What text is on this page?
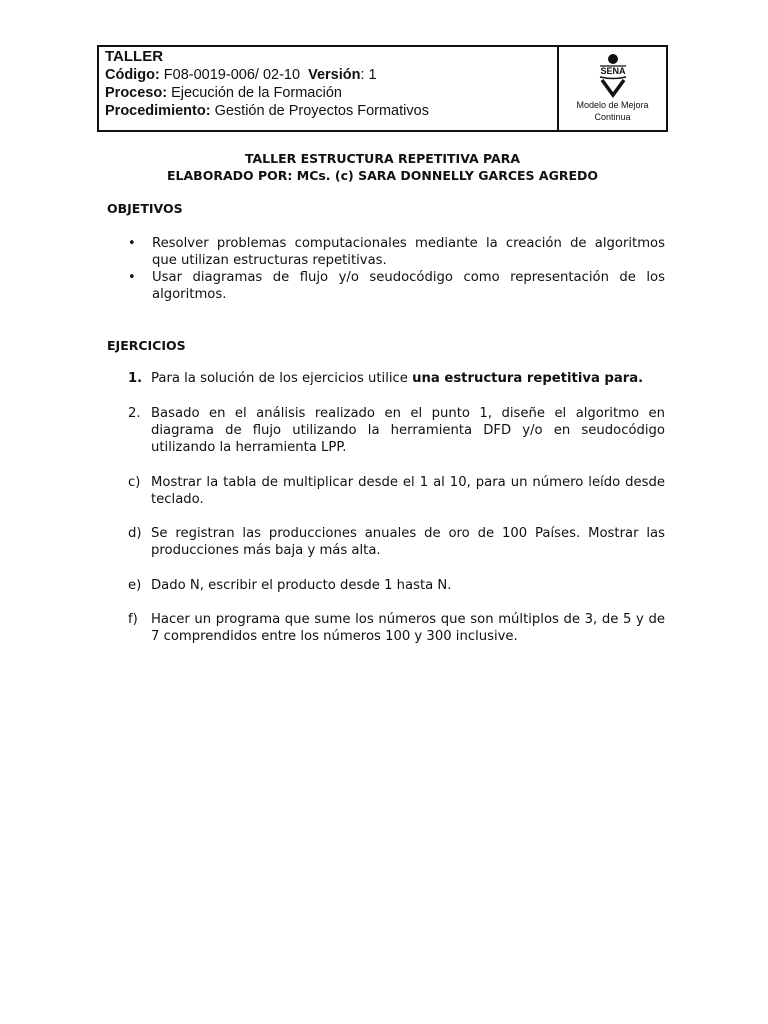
TALLER
Código: F08-0019-006/ 02-10 Versión: 1
Proceso: Ejecución de la Formación
Procedimiento: Gestión de Proyectos Formativos
SENA
Modelo de Mejora
Continua
TALLER ESTRUCTURA REPETITIVA PARA
ELABORADO POR: MCs. (c) SARA DONNELLY GARCES AGREDO
OBJETIVOS
•	Resolver problemas computacionales mediante la creación de algoritmos que utilizan estructuras repetitivas.
•	Usar diagramas de flujo y/o seudocódigo como representación de los algoritmos.
EJERCICIOS
1. Para la solución de los ejercicios utilice una estructura repetitiva para.
2. Basado en el análisis realizado en el punto 1, diseñe el algoritmo en diagrama de flujo utilizando la herramienta DFD y/o en seudocódigo utilizando la herramienta LPP.
c) Mostrar la tabla de multiplicar desde el 1 al 10, para un número leído desde teclado.
d) Se registran las producciones anuales de oro de 100 Países. Mostrar las producciones más baja y más alta.
e) Dado N, escribir el producto desde 1 hasta N.
f)	Hacer un programa que sume los números que son múltiplos de 3, de 5 y de 7 comprendidos entre los números 100 y 300 inclusive.
